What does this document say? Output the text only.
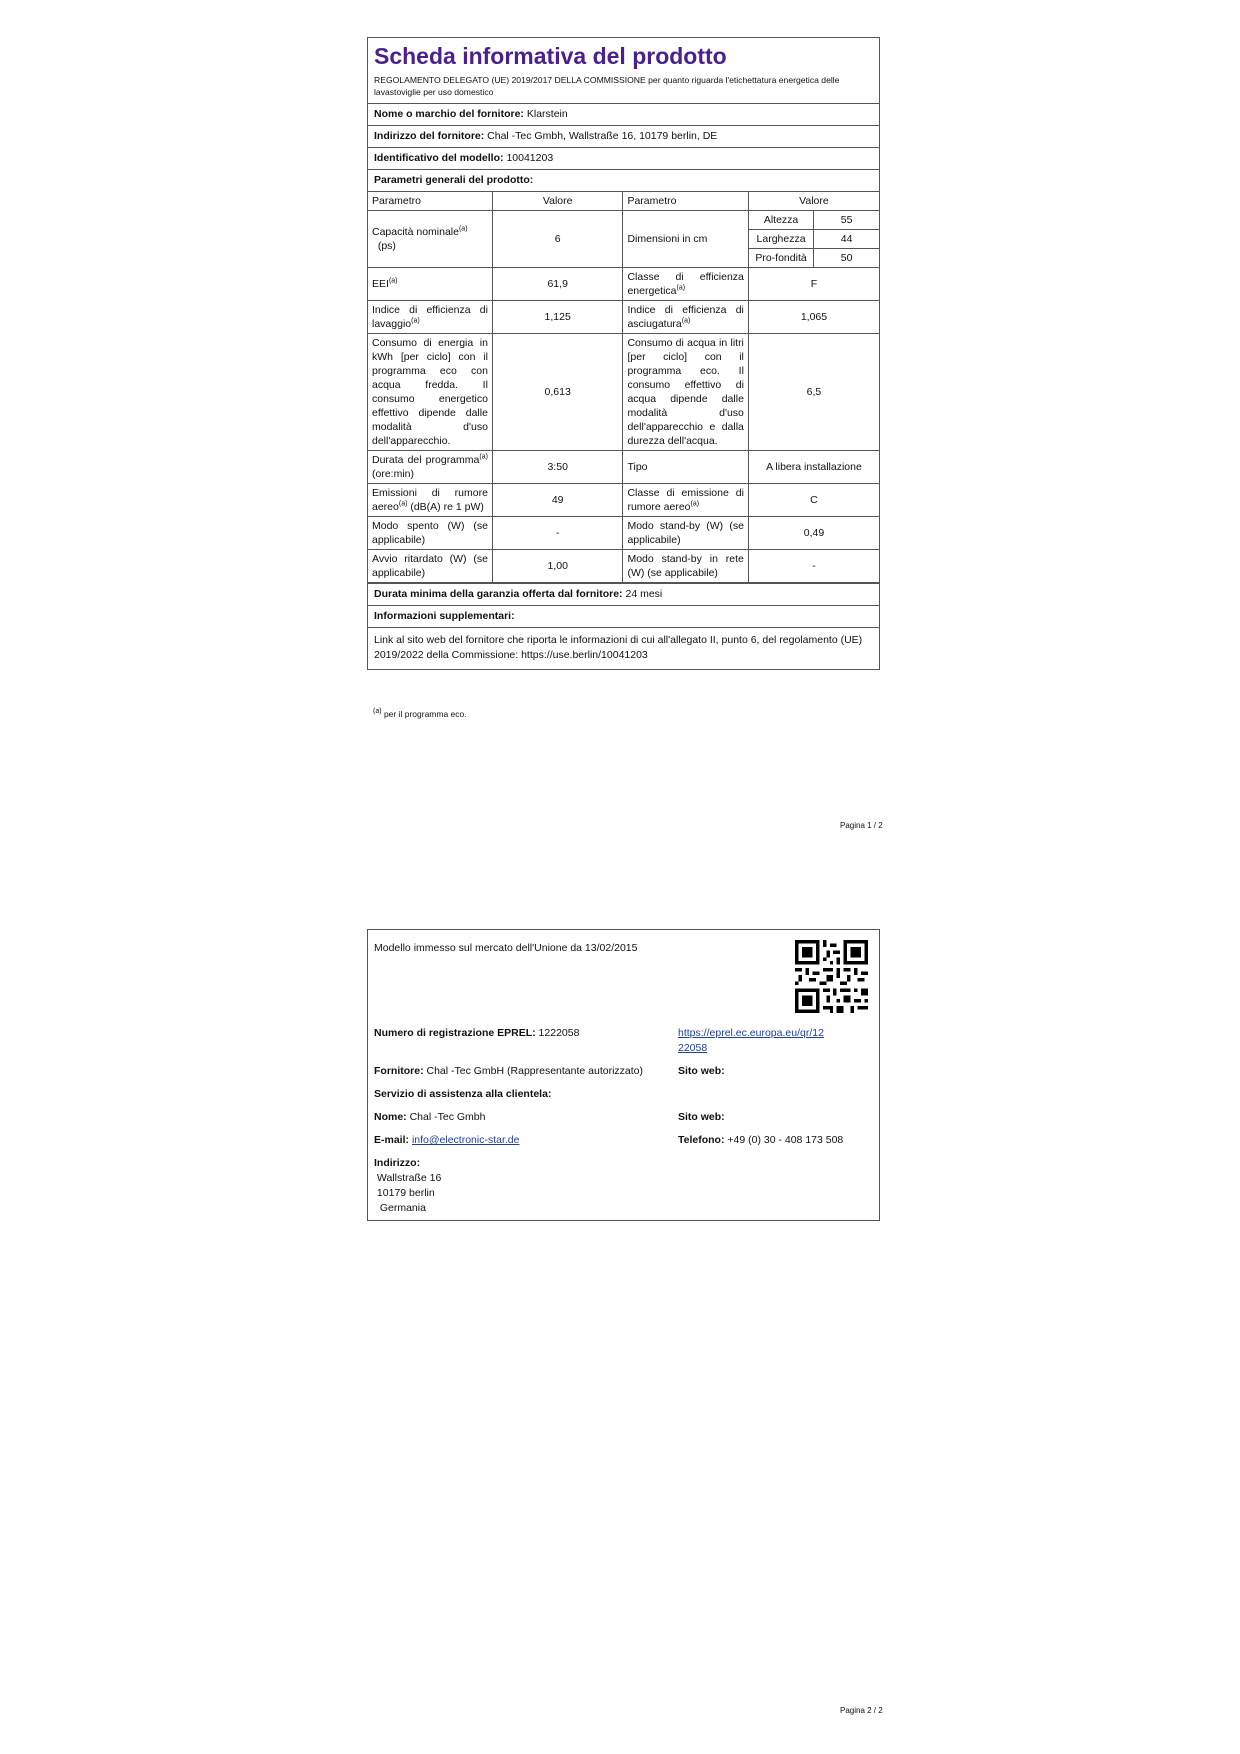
Scheda informativa del prodotto
REGOLAMENTO DELEGATO (UE) 2019/2017 DELLA COMMISSIONE per quanto riguarda l'etichettatura energetica delle lavastoviglie per uso domestico
Nome o marchio del fornitore: Klarstein
Indirizzo del fornitore: Chal -Tec Gmbh, Wallstraße 16, 10179 berlin, DE
Identificativo del modello: 10041203
Parametri generali del prodotto:
Parametro	Valore	Parametro	Valore	
Capacità nominale$^{(a)}$
(ps)	6	Dimensioni in cm	Altezza	55
			Larghezza	44
			Pro-fondità	50
EEI$^{(a)}$	61,9	Classe di efficienza energetica$^{(a)}$	F	
Indice di efficienza di lavaggio$^{(a)}$	1,125	Indice di efficienza di asciugatura$^{(a)}$	1,065	
Consumo di energia in kWh [per ciclo] con il programma eco con acqua fredda. Il consumo energetico effettivo dipende dalle modalità d'uso dell'apparecchio.	0,613	Consumo di acqua in litri [per ciclo] con il programma eco. Il consumo effettivo di acqua dipende dalle modalità d'uso dell'apparecchio e dalla durezza dell'acqua.	6,5	
Durata del programma$^{(a)}$ (ore:min)	3:50	Tipo	A libera installazione	
Emissioni di rumore aereo$^{(a)}$ (dB(A) re 1 pW)	49	Classe di emissione di rumore aereo$^{(a)}$	C	
Modo spento (W) (se applicabile)	-	Modo stand-by (W) (se applicabile)	0,49	
Avvio ritardato (W) (se applicabile)	1,00	Modo stand-by in rete (W) (se applicabile)	-	
Durata minima della garanzia offerta dal fornitore: 24 mesi
Informazioni supplementari:
Link al sito web del fornitore che riporta le informazioni di cui all'allegato II, punto 6, del regolamento (UE) 2019/2022 della Commissione: https://use.berlin/10041203
$^{(a)}$ per il programma eco.
Pagina 1 / 2
Modello immesso sul mercato dell'Unione da 13/02/2015
Numero di registrazione EPREL: 1222058	https://eprel.ec.europa.eu/qr/12
22058
Fornitore: Chal -Tec GmbH (Rappresentante autorizzato)	Sito web:
Servizio di assistenza alla clientela:
Nome: Chal -Tec Gmbh	Sito web:
E-mail: info@electronic-star.de	Telefono: +49 (0) 30 - 408 173 508
Indirizzo:
Wallstraße 16
10179 berlin
Germania
Pagina 2 / 2
